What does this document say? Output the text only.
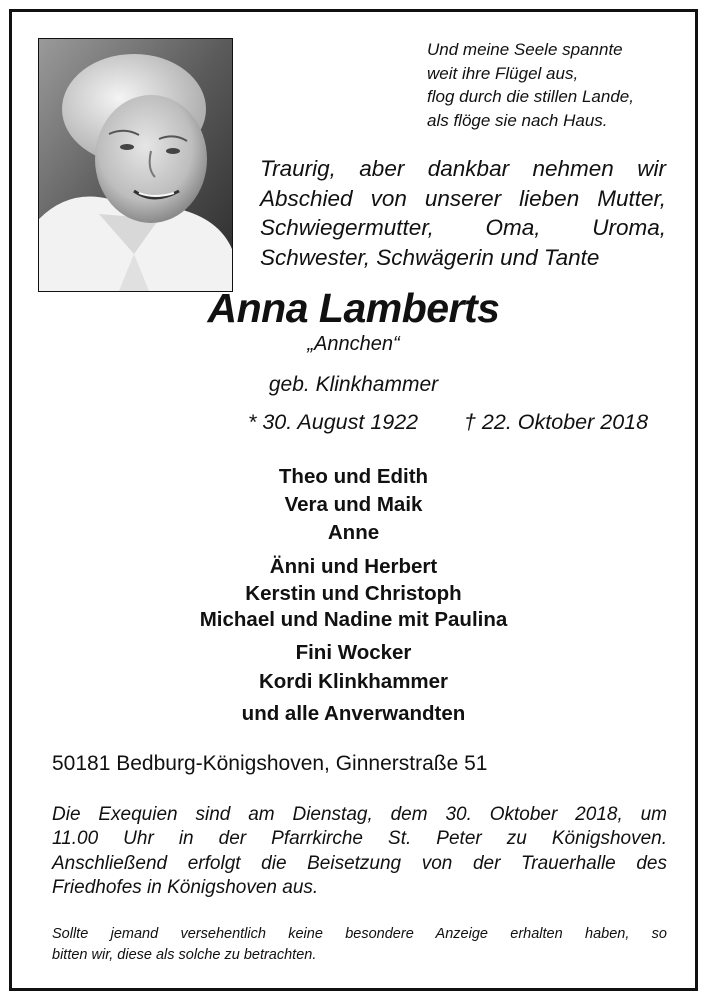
Und meine Seele spannte
weit ihre Flügel aus,
flog durch die stillen Lande,
als flöge sie nach Haus.
Traurig, aber dankbar nehmen wir
Abschied von unserer lieben Mutter,
Schwiegermutter, Oma, Uroma,
Schwester, Schwägerin und Tante
Anna Lamberts
„Annchen“
geb. Klinkhammer
* 30. August 1922 † 22. Oktober 2018
Theo und Edith
Vera und Maik
Anne
Änni und Herbert
Kerstin und Christoph
Michael und Nadine mit Paulina
Fini Wocker
Kordi Klinkhammer
und alle Anverwandten
50181 Bedburg-Königshoven, Ginnerstraße 51
Die Exequien sind am Dienstag, dem 30. Oktober 2018, um
11.00 Uhr in der Pfarrkirche St. Peter zu Königshoven.
Anschließend erfolgt die Beisetzung von der Trauerhalle des
Friedhofes in Königshoven aus.
Sollte jemand versehentlich keine besondere Anzeige erhalten haben, so
bitten wir, diese als solche zu betrachten.
